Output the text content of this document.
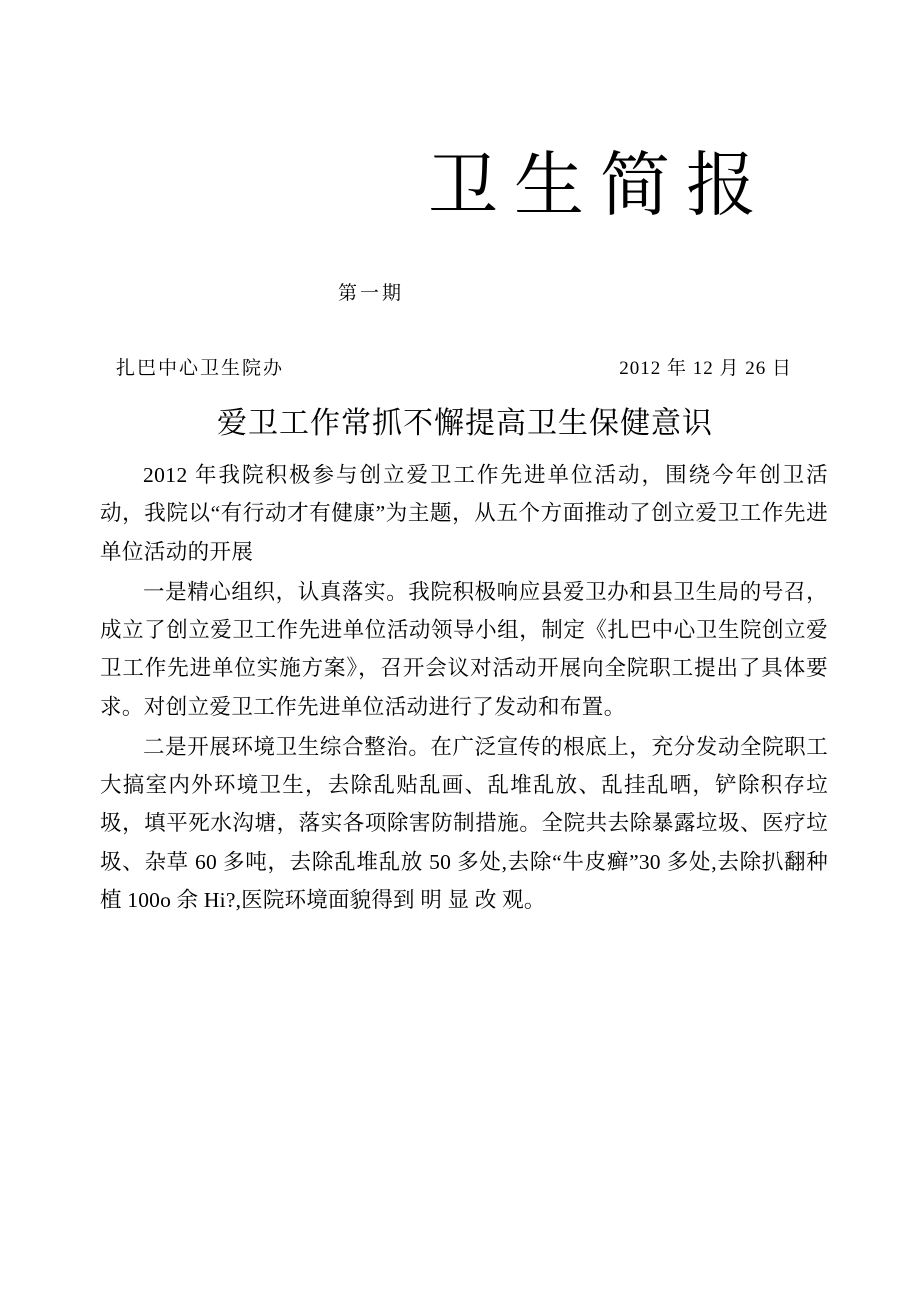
卫生简报
第一期
扎巴中心卫生院办	2012 年 12 月 26 日
爱卫工作常抓不懈提高卫生保健意识

2012 年我院积极参与创立爱卫工作先进单位活动，围绕今年创卫活动，我院以“有行动才有健康”为主题，从五个方面推动了创立爱卫工作先进单位活动的开展

一是精心组织，认真落实。我院积极响应县爱卫办和县卫生局的号召，成立了创立爱卫工作先进单位活动领导小组，制定《扎巴中心卫生院创立爱卫工作先进单位实施方案》，召开会议对活动开展向全院职工提出了具体要求。对创立爱卫工作先进单位活动进行了发动和布置。

二是开展环境卫生综合整治。在广泛宣传的根底上，充分发动全院职工大搞室内外环境卫生，去除乱贴乱画、乱堆乱放、乱挂乱晒，铲除积存垃圾，填平死水沟塘，落实各项除害防制措施。全院共去除暴露垃圾、医疗垃圾、杂草 60 多吨，去除乱堆乱放 50 多处,去除“牛皮癣”30 多处,去除扒翻种植 100o 余 Hi?,医院环境面貌得到 明 显 改 观。
